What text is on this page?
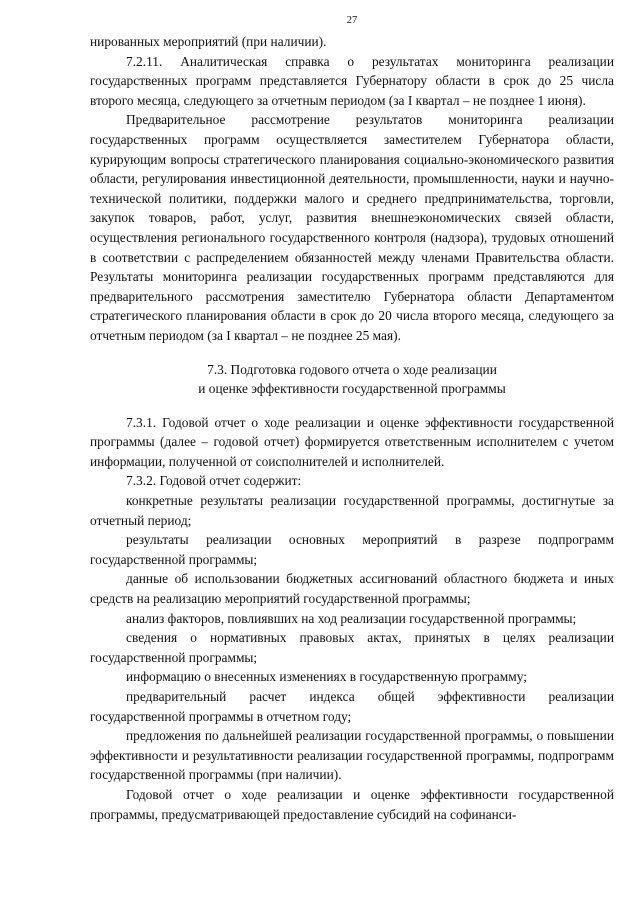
27

нированных мероприятий (при наличии).

7.2.11. Аналитическая справка о результатах мониторинга реализации государственных программ представляется Губернатору области в срок до 25 числа второго месяца, следующего за отчетным периодом (за I квартал – не позднее 1 июня).

Предварительное рассмотрение результатов мониторинга реализации государственных программ осуществляется заместителем Губернатора области, курирующим вопросы стратегического планирования социально-экономического развития области, регулирования инвестиционной деятельности, промышленности, науки и научно-технической политики, поддержки малого и среднего предпринимательства, торговли, закупок товаров, работ, услуг, развития внешнеэкономических связей области, осуществления регионального государственного контроля (надзора), трудовых отношений в соответствии с распределением обязанностей между членами Правительства области. Результаты мониторинга реализации государственных программ представляются для предварительного рассмотрения заместителю Губернатора области Департаментом стратегического планирования области в срок до 20 числа второго месяца, следующего за отчетным периодом (за I квартал – не позднее 25 мая).

7.3. Подготовка годового отчета о ходе реализации

и оценке эффективности государственной программы

7.3.1. Годовой отчет о ходе реализации и оценке эффективности государственной программы (далее – годовой отчет) формируется ответственным исполнителем с учетом информации, полученной от соисполнителей и исполнителей.

7.3.2. Годовой отчет содержит:

конкретные результаты реализации государственной программы, достигнутые за отчетный период;

результаты реализации основных мероприятий в разрезе подпрограмм государственной программы;

данные об использовании бюджетных ассигнований областного бюджета и иных средств на реализацию мероприятий государственной программы;

анализ факторов, повлиявших на ход реализации государственной программы;

сведения о нормативных правовых актах, принятых в целях реализации государственной программы;

информацию о внесенных изменениях в государственную программу;

предварительный расчет индекса общей эффективности реализации государственной программы в отчетном году;

предложения по дальнейшей реализации государственной программы, о повышении эффективности и результативности реализации государственной программы, подпрограмм государственной программы (при наличии).

Годовой отчет о ходе реализации и оценке эффективности государственной программы, предусматривающей предоставление субсидий на софинанси-
